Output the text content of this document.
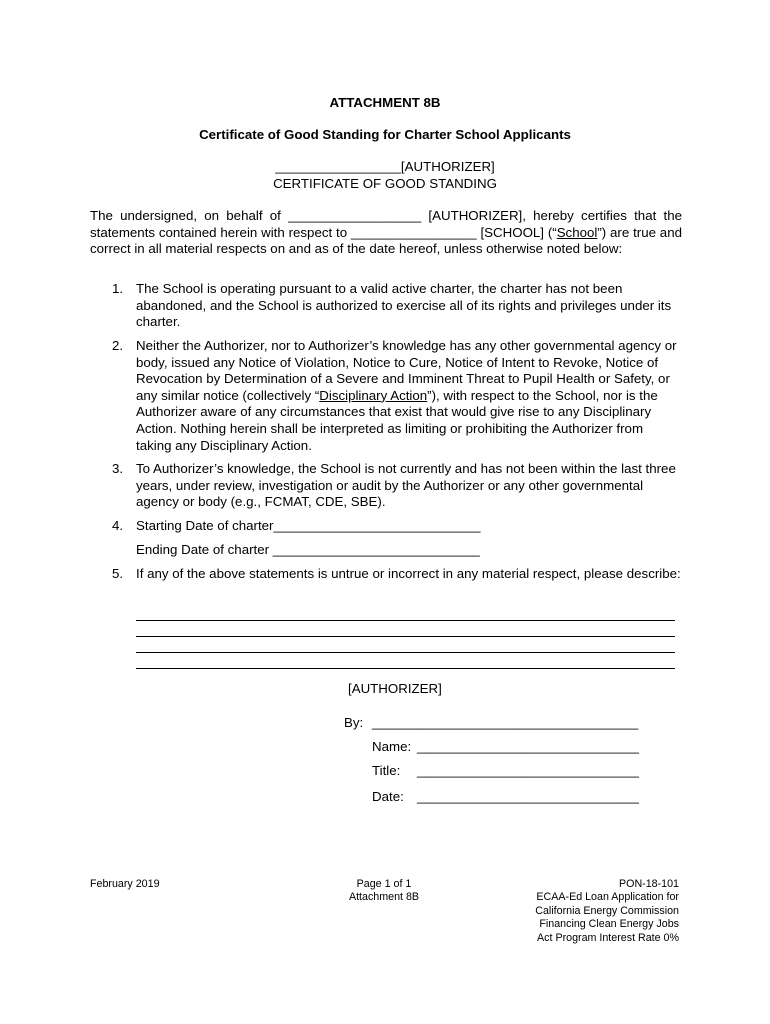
ATTACHMENT 8B
Certificate of Good Standing for Charter School Applicants
_________________[AUTHORIZER]
CERTIFICATE OF GOOD STANDING

The undersigned, on behalf of __________________ [AUTHORIZER], hereby certifies that the statements contained herein with respect to _________________ [SCHOOL] (“School”) are true and correct in all material respects on and as of the date hereof, unless otherwise noted below:

1. The School is operating pursuant to a valid active charter, the charter has not been abandoned, and the School is authorized to exercise all of its rights and privileges under its charter.
2. Neither the Authorizer, nor to Authorizer’s knowledge has any other governmental agency or body, issued any Notice of Violation, Notice to Cure, Notice of Intent to Revoke, Notice of Revocation by Determination of a Severe and Imminent Threat to Pupil Health or Safety, or any similar notice (collectively “Disciplinary Action”), with respect to the School, nor is the Authorizer aware of any circumstances that exist that would give rise to any Disciplinary Action. Nothing herein shall be interpreted as limiting or prohibiting the Authorizer from taking any Disciplinary Action.
3. To Authorizer’s knowledge, the School is not currently and has not been within the last three years, under review, investigation or audit by the Authorizer or any other governmental agency or body (e.g., FCMAT, CDE, SBE).
4. Starting Date of charter____________________________
Ending Date of charter ____________________________
5. If any of the above statements is untrue or incorrect in any material respect, please describe:
[AUTHORIZER]
By: ____________________________________
Name: ______________________________
Title: ______________________________
Date: ______________________________
February 2019	Page 1 of 1
Attachment 8B
PON-18-101
ECAA-Ed Loan Application for
California Energy Commission
Financing Clean Energy Jobs
Act Program Interest Rate 0%
